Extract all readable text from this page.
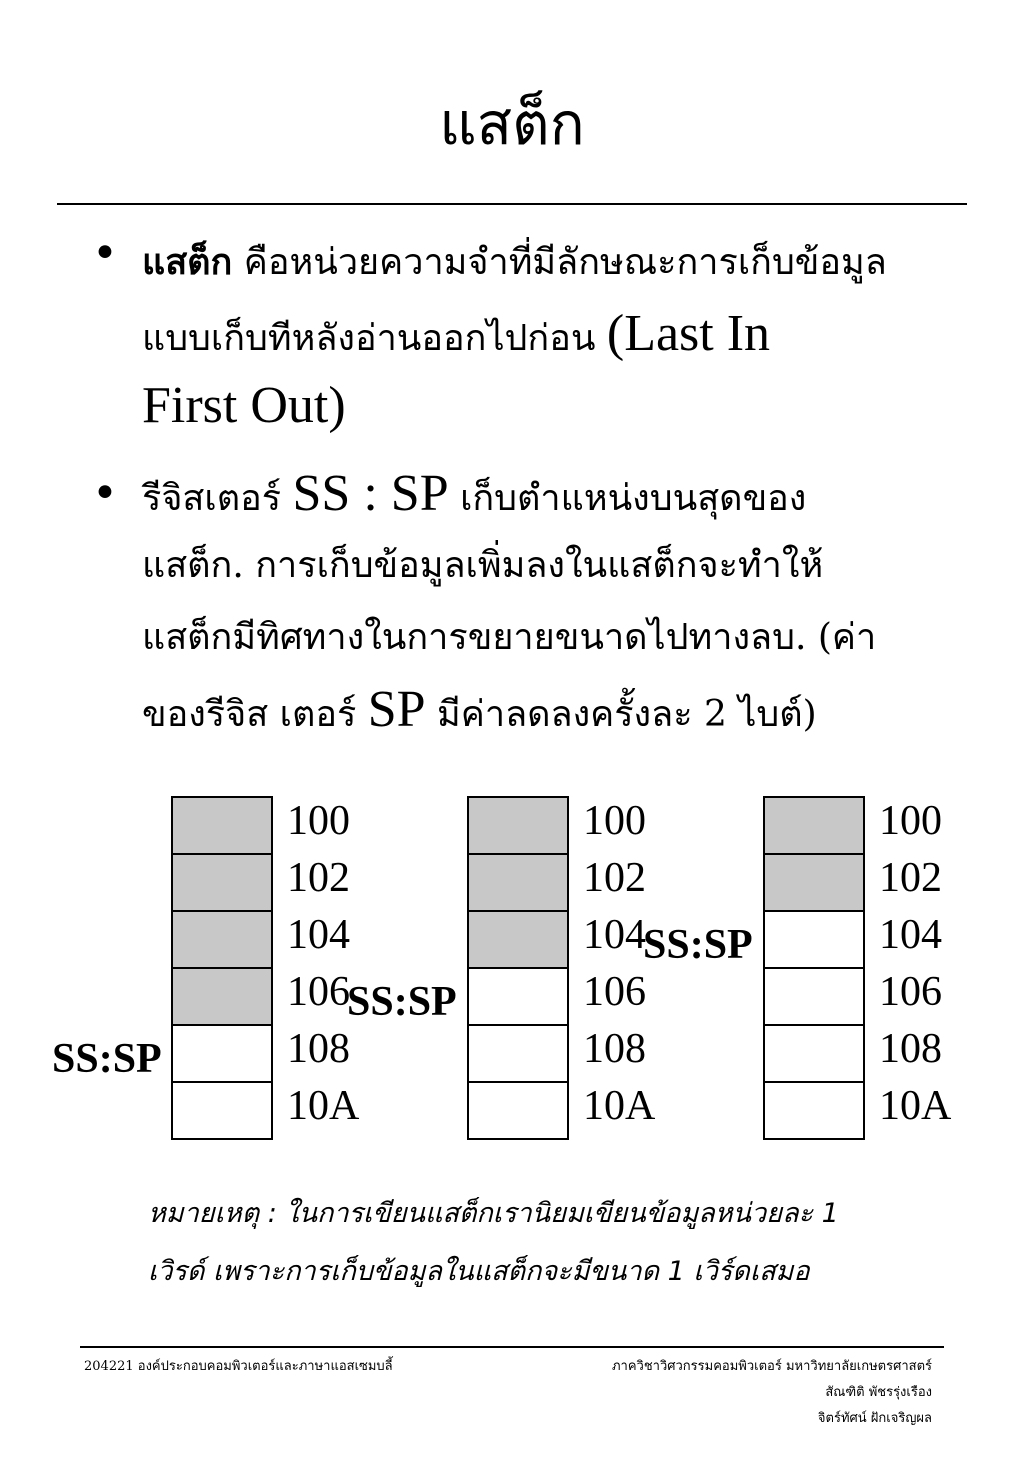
แสต็ก
• แสต็ก คือหน่วยความจำที่มีลักษณะการเก็บข้อมูล
แบบเก็บทีหลังอ่านออกไปก่อน (Last In
First Out)
• รีจิสเตอร์ SS : SP เก็บตำแหน่งบนสุดของ
แสต็ก. การเก็บข้อมูลเพิ่มลงในแสต็กจะทำให้
แสต็กมีทิศทางในการขยายขนาดไปทางลบ. (ค่า
ของรีจิส เตอร์ SP มีค่าลดลงครั้งละ 2 ไบต์)
100
102
104
106
108
10A
SS:SP
100
102
104
106
108
10A
SS:SP
100
102
104
106
108
10A
SS:SP
หมายเหตุ : ในการเขียนแสต็กเรานิยมเขียนข้อมูลหน่วยละ 1
เวิรด์ เพราะการเก็บข้อมูลในแสต็กจะมีขนาด 1 เวิร์ดเสมอ
204221 องค์ประกอบคอมพิวเตอร์และภาษาแอสเซมบลี้	ภาควิชาวิศวกรรมคอมพิวเตอร์ มหาวิทยาลัยเกษตรศาสตร์
สัณฑิติ พัชรรุ่งเรือง
จิตร์ทัศน์ ฝักเจริญผล
